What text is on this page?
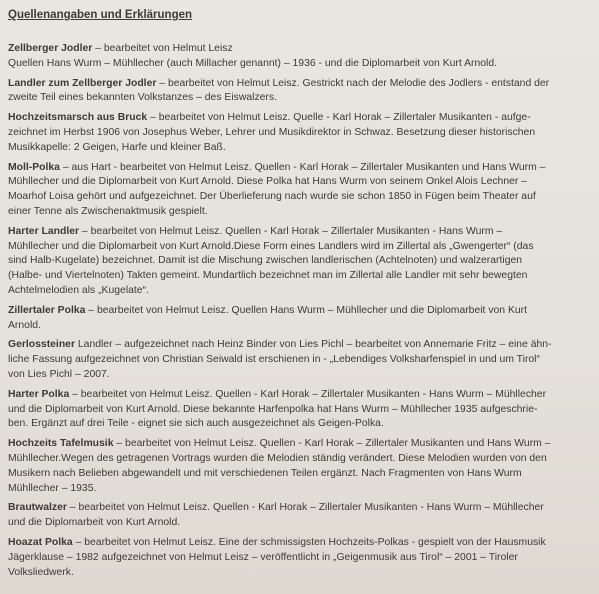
Quellenangaben und Erklärungen
Zellberger Jodler – bearbeitet von Helmut Leisz
Quellen Hans Wurm – Mühllecher (auch Millacher genannt) – 1936 - und die Diplomarbeit von Kurt Arnold.
Landler zum Zellberger Jodler – bearbeitet von Helmut Leisz. Gestrickt nach der Melodie des Jodlers - entstand der
zweite Teil eines bekannten Volkstanzes – des Eiswalzers.
Hochzeitsmarsch aus Bruck – bearbeitet von Helmut Leisz. Quelle - Karl Horak – Zillertaler Musikanten - aufge-
zeichnet im Herbst 1906 von Josephus Weber, Lehrer und Musikdirektor in Schwaz. Besetzung dieser historischen
Musikkapelle: 2 Geigen, Harfe und kleiner Baß.
Moll-Polka – aus Hart - bearbeitet von Helmut Leisz. Quellen - Karl Horak – Zillertaler Musikanten und Hans Wurm –
Mühllecher und die Diplomarbeit von Kurt Arnold. Diese Polka hat Hans Wurm von seinem Onkel Alois Lechner –
Moarhof Loisa gehört und aufgezeichnet. Der Überlieferung nach wurde sie schon 1850 in Fügen beim Theater auf
einer Tenne als Zwischenaktmusik gespielt.
Harter Landler – bearbeitet von Helmut Leisz. Quellen - Karl Horak – Zillertaler Musikanten - Hans Wurm –
Mühllecher und die Diplomarbeit von Kurt Arnold.Diese Form eines Landlers wird im Zillertal als „Gwengerter“ (das
sind Halb-Kugelate) bezeichnet. Damit ist die Mischung zwischen landlerischen (Achtelnoten) und walzerartigen
(Halbe- und Viertelnoten) Takten gemeint. Mundartlich bezeichnet man im Zillertal alle Landler mit sehr bewegten
Achtelmelodien als „Kugelate“.
Zillertaler Polka – bearbeitet von Helmut Leisz. Quellen Hans Wurm – Mühllecher und die Diplomarbeit von Kurt
Arnold.
Gerlossteiner Landler – aufgezeichnet nach Heinz Binder von Lies Pichl – bearbeitet von Annemarie Fritz – eine ähn-
liche Fassung aufgezeichnet von Christian Seiwald ist erschienen in - „Lebendiges Volksharfenspiel in und um Tirol“
von Lies Pichl – 2007.
Harter Polka – bearbeitet von Helmut Leisz. Quellen - Karl Horak – Zillertaler Musikanten - Hans Wurm – Mühllecher
und die Diplomarbeit von Kurt Arnold. Diese bekannte Harfenpolka hat Hans Wurm – Mühllecher 1935 aufgeschrie-
ben. Ergänzt auf drei Teile - eignet sie sich auch ausgezeichnet als Geigen-Polka.
Hochzeits Tafelmusik – bearbeitet von Helmut Leisz. Quellen - Karl Horak – Zillertaler Musikanten und Hans Wurm –
Mühllecher.Wegen des getragenen Vortrags wurden die Melodien ständig verändert. Diese Melodien wurden von den
Musikern nach Belieben abgewandelt und mit verschiedenen Teilen ergänzt. Nach Fragmenten von Hans Wurm
Mühllecher – 1935.
Brautwalzer – bearbeitet von Helmut Leisz. Quellen - Karl Horak – Zillertaler Musikanten - Hans Wurm – Mühllecher
und die Diplomarbeit von Kurt Arnold.
Hoazat Polka – bearbeitet von Helmut Leisz. Eine der schmissigsten Hochzeits-Polkas - gespielt von der Hausmusik
Jägerklause – 1982 aufgezeichnet von Helmut Leisz – veröffentlicht in „Geigenmusik aus Tirol“ – 2001 – Tiroler
Volksliedwerk.
